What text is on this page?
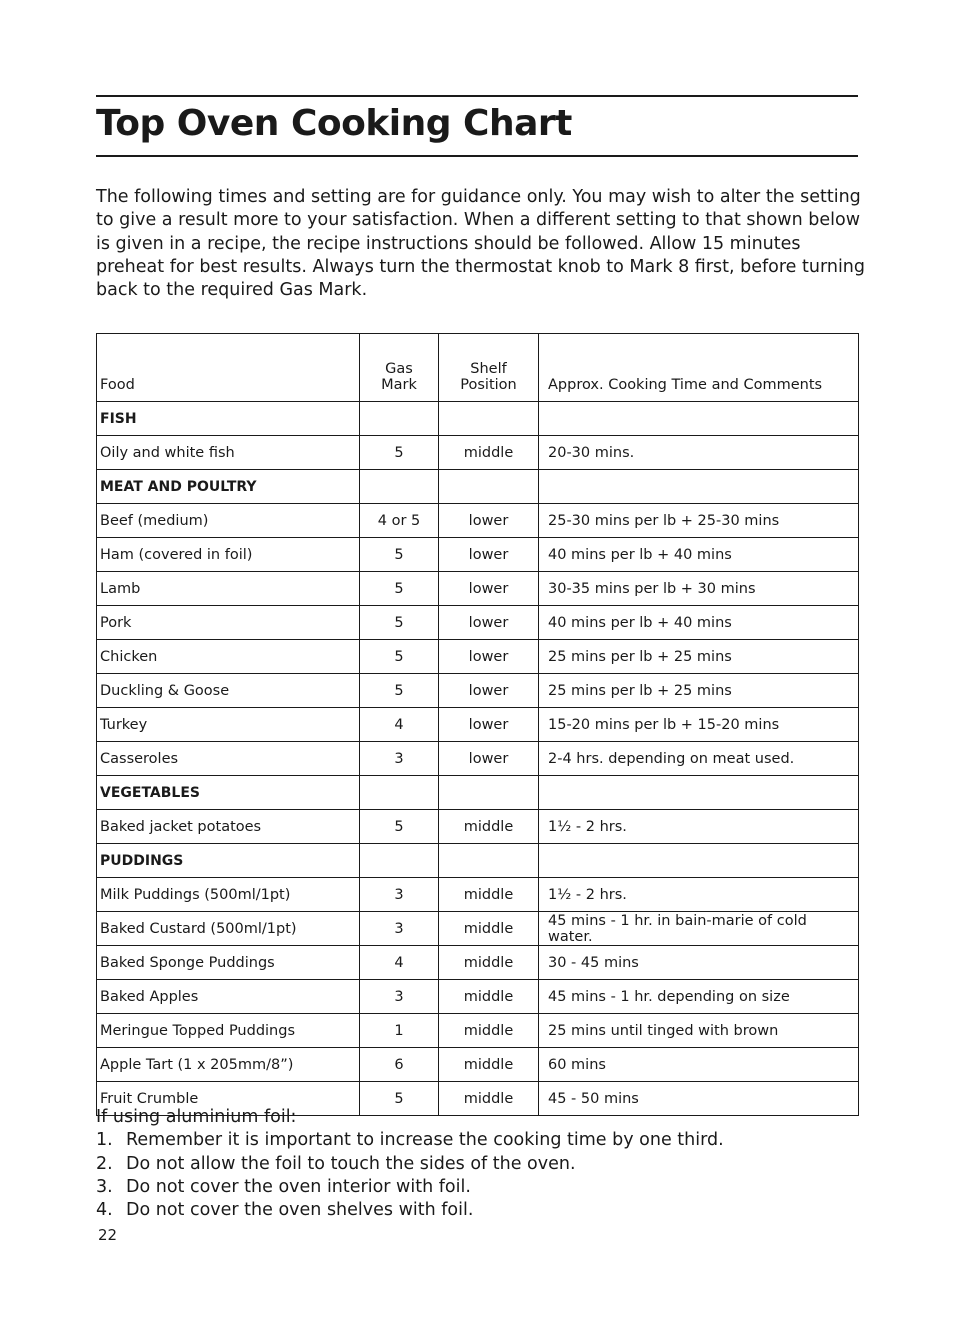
Top Oven Cooking Chart

The following times and setting are for guidance only. You may wish to alter the setting to give a result more to your satisfaction. When a different setting to that shown below is given in a recipe, the recipe instructions should be followed. Allow 15 minutes preheat for best results. Always turn the thermostat knob to Mark 8 first, before turning back to the required Gas Mark.

Food	Gas Mark	Shelf Position	Approx. Cooking Time and Comments
FISH			
Oily and white fish	5	middle	20-30 mins.
MEAT AND POULTRY			
Beef (medium)	4 or 5	lower	25-30 mins per lb + 25-30 mins
Ham (covered in foil)	5	lower	40 mins per lb + 40 mins
Lamb	5	lower	30-35 mins per lb + 30 mins
Pork	5	lower	40 mins per lb + 40 mins
Chicken	5	lower	25 mins per lb + 25 mins
Duckling & Goose	5	lower	25 mins per lb + 25 mins
Turkey	4	lower	15-20 mins per lb + 15-20 mins
Casseroles	3	lower	2-4 hrs. depending on meat used.
VEGETABLES			
Baked jacket potatoes	5	middle	1½ - 2 hrs.
PUDDINGS			
Milk Puddings (500ml/1pt)	3	middle	1½ - 2 hrs.
Baked Custard (500ml/1pt)	3	middle	45 mins - 1 hr. in bain-marie of cold water.
Baked Sponge Puddings	4	middle	30 - 45 mins
Baked Apples	3	middle	45 mins - 1 hr. depending on size
Meringue Topped Puddings	1	middle	25 mins until tinged with brown
Apple Tart (1 x 205mm/8”)	6	middle	60 mins
Fruit Crumble	5	middle	45 - 50 mins
If using aluminium foil:
1. Remember it is important to increase the cooking time by one third.
2. Do not allow the foil to touch the sides of the oven.
3. Do not cover the oven interior with foil.
4. Do not cover the oven shelves with foil.
22
